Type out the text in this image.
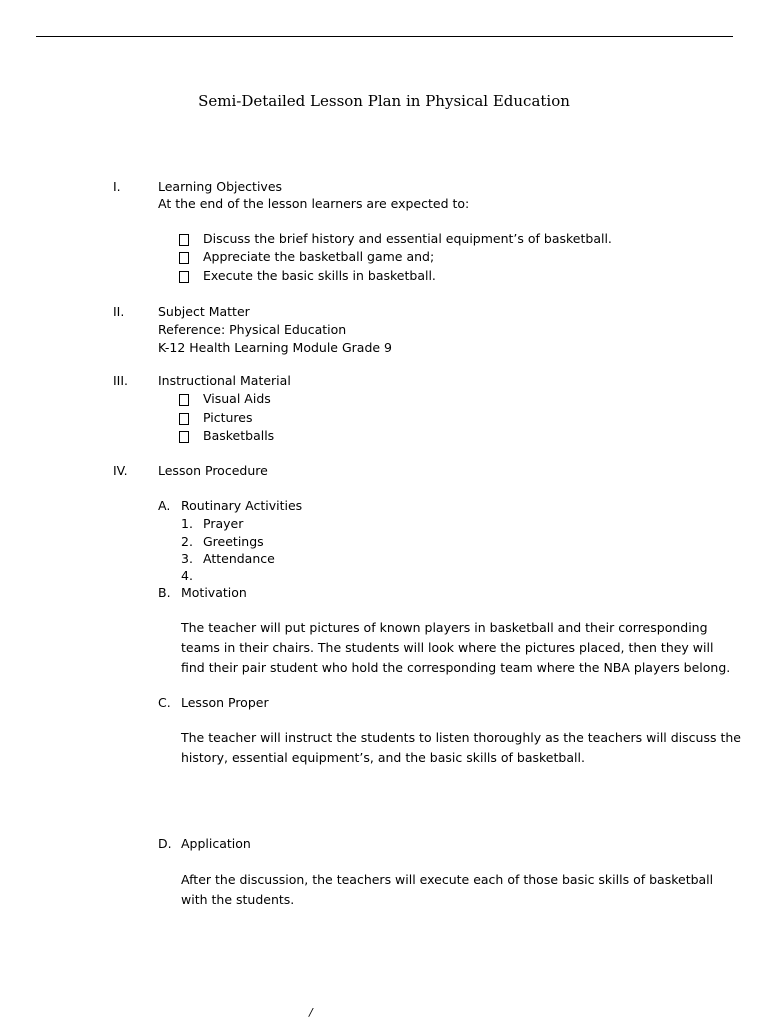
Semi-Detailed Lesson Plan in Physical Education
I.	Learning Objectives
At the end of the lesson learners are expected to:
Discuss the brief history and essential equipment’s of basketball.
Appreciate the basketball game and;
Execute the basic skills in basketball.
II.	Subject Matter
Reference: Physical Education
K-12 Health Learning Module Grade 9
III. Instructional Material
Visual Aids
Pictures
Basketballs
IV. Lesson Procedure
A. Routinary Activities
1. Prayer
2. Greetings
3. Attendance
4.
B. Motivation
The teacher will put pictures of known players in basketball and their corresponding
teams in their chairs. The students will look where the pictures placed, then they will
find their pair student who hold the corresponding team where the NBA players belong.
C. Lesson Proper
The teacher will instruct the students to listen thoroughly as the teachers will discuss the
history, essential equipment’s, and the basic skills of basketball.
D. Application
After the discussion, the teachers will execute each of those basic skills of basketball
with the students.
/
